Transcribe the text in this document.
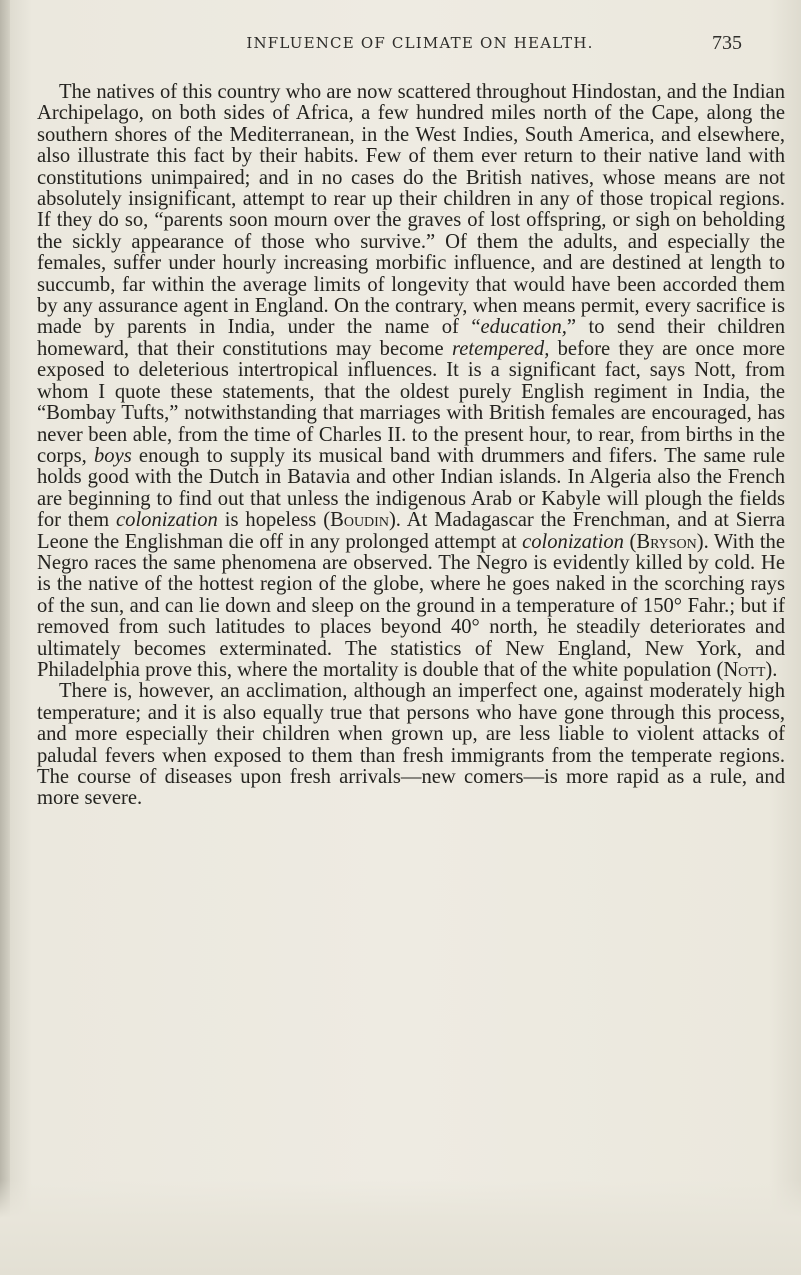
INFLUENCE OF CLIMATE ON HEALTH.	735

The natives of this country who are now scattered throughout Hindostan, and the Indian Archipelago, on both sides of Africa, a few hundred miles north of the Cape, along the southern shores of the Mediterranean, in the West Indies, South America, and elsewhere, also illustrate this fact by their habits. Few of them ever return to their native land with constitutions unimpaired; and in no cases do the British natives, whose means are not absolutely insignificant, attempt to rear up their children in any of those tropical regions. If they do so, “parents soon mourn over the graves of lost offspring, or sigh on beholding the sickly appearance of those who survive.” Of them the adults, and especially the females, suffer under hourly increasing morbific influence, and are destined at length to succumb, far within the average limits of longevity that would have been accorded them by any assurance agent in England. On the contrary, when means permit, every sacrifice is made by parents in India, under the name of “education,” to send their children homeward, that their constitutions may become retempered, before they are once more exposed to deleterious intertropical influences. It is a significant fact, says Nott, from whom I quote these statements, that the oldest purely English regiment in India, the “Bombay Tufts,” notwithstanding that marriages with British females are encouraged, has never been able, from the time of Charles II. to the present hour, to rear, from births in the corps, boys enough to supply its musical band with drummers and fifers. The same rule holds good with the Dutch in Batavia and other Indian islands. In Algeria also the French are beginning to find out that unless the indigenous Arab or Kabyle will plough the fields for them colonization is hopeless (Boudin). At Madagascar the Frenchman, and at Sierra Leone the Englishman die off in any prolonged attempt at colonization (Bryson). With the Negro races the same phenomena are observed. The Negro is evidently killed by cold. He is the native of the hottest region of the globe, where he goes naked in the scorching rays of the sun, and can lie down and sleep on the ground in a temperature of 150° Fahr.; but if removed from such latitudes to places beyond 40° north, he steadily deteriorates and ultimately becomes exterminated. The statistics of New England, New York, and Philadelphia prove this, where the mortality is double that of the white population (Nott).

There is, however, an acclimation, although an imperfect one, against moderately high temperature; and it is also equally true that persons who have gone through this process, and more especially their children when grown up, are less liable to violent attacks of paludal fevers when exposed to them than fresh immigrants from the temperate regions. The course of diseases upon fresh arrivals—new comers—is more rapid as a rule, and more severe.
